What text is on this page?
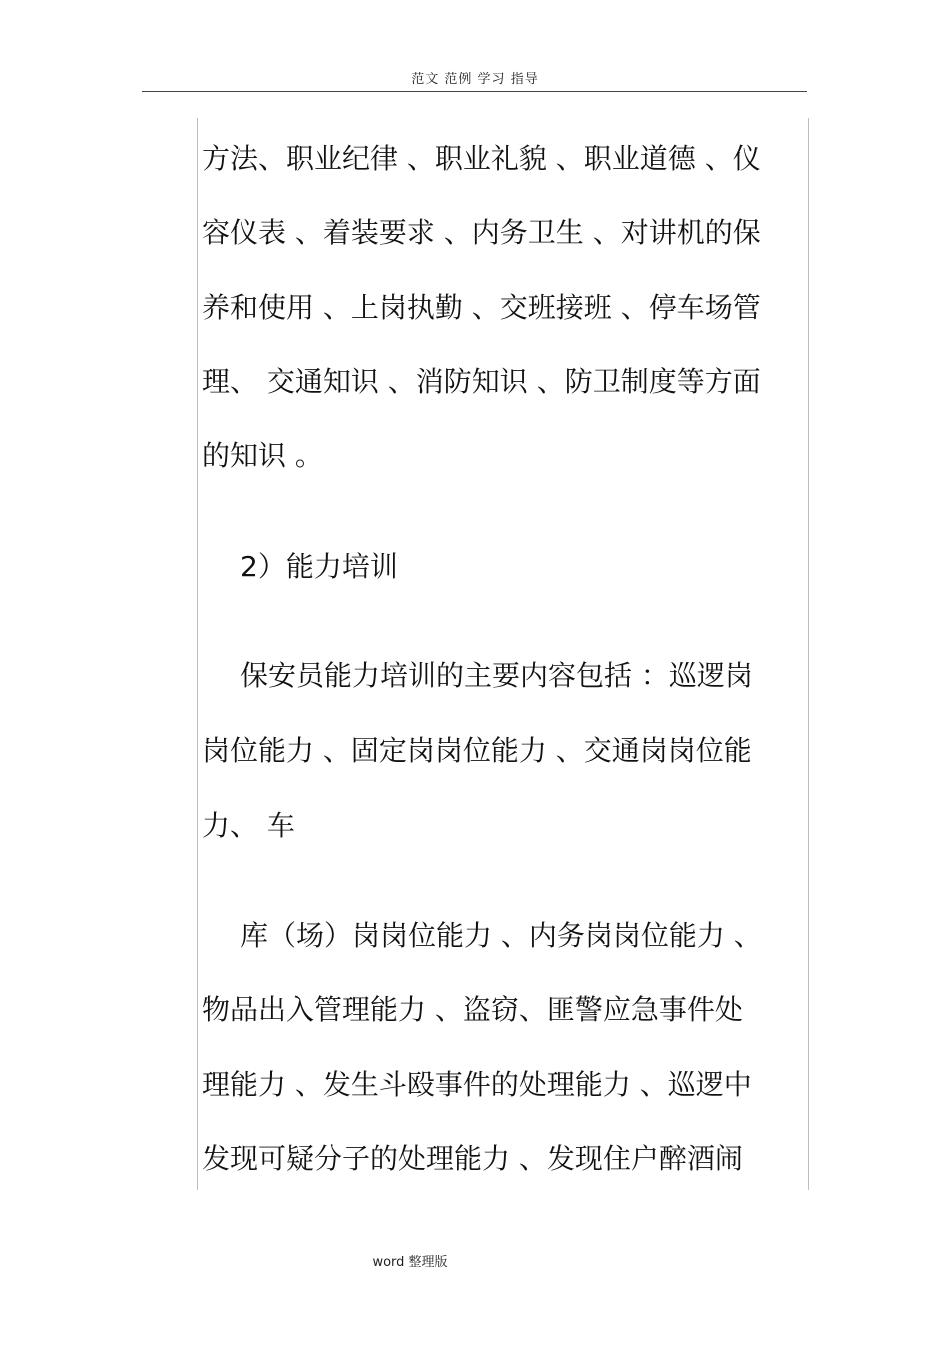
范文 范例 学习 指导
方法、职业纪律 、职业礼貌 、职业道德 、仪
容仪表 、着装要求 、内务卫生 、对讲机的保
养和使用 、上岗执勤 、交班接班 、停车场管
理、 交通知识 、消防知识 、防卫制度等方面
的知识 。
2）能力培训
保安员能力培训的主要内容包括 ：巡逻岗
岗位能力 、固定岗岗位能力 、交通岗岗位能
力、 车
库（场）岗岗位能力 、内务岗岗位能力 、
物品出入管理能力 、盗窃、匪警应急事件处
理能力 、发生斗殴事件的处理能力 、巡逻中
发现可疑分子的处理能力 、发现住户醉酒闹
word 整理版
